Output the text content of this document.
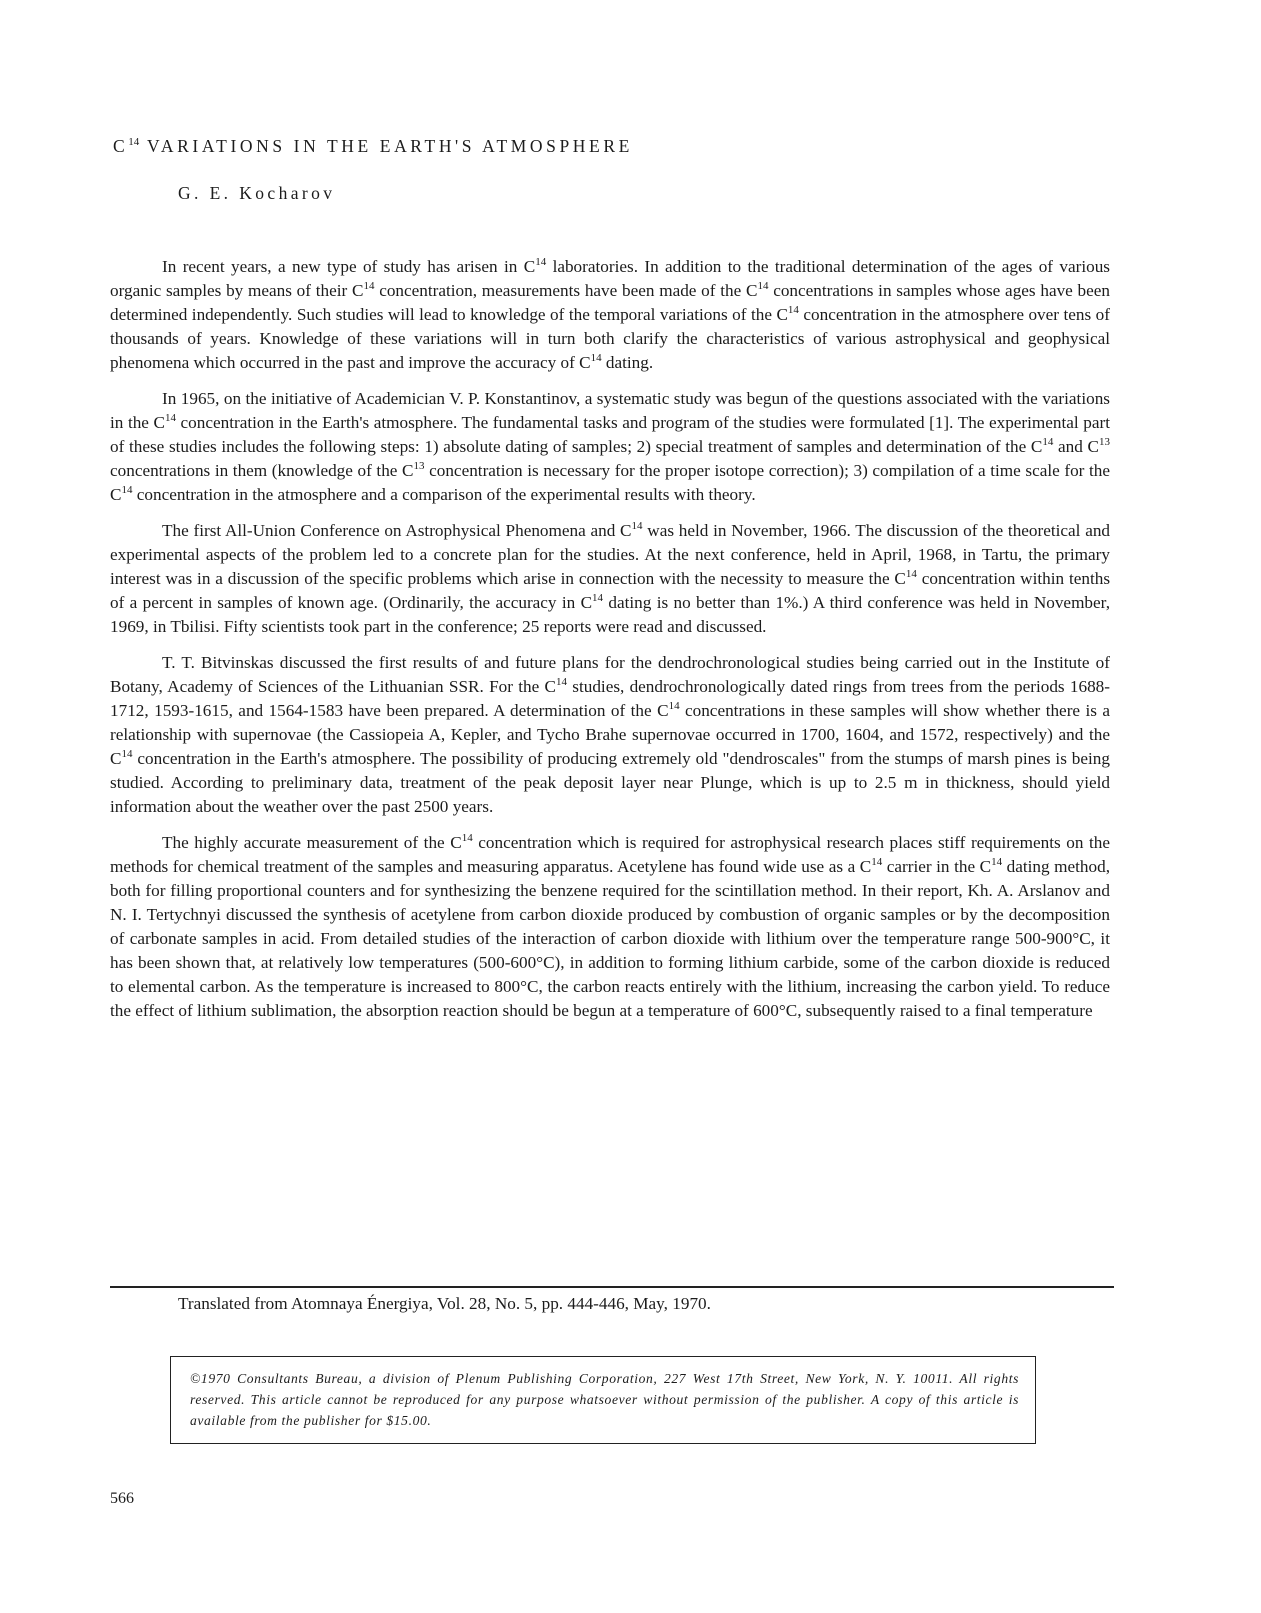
$C^{14}$ VARIATIONS IN THE EARTH'S ATMOSPHERE
G. E. Kocharov

In recent years, a new type of study has arisen in $C^{14}$ laboratories. In addition to the traditional determination of the ages of various organic samples by means of their $C^{14}$ concentration, measurements have been made of the $C^{14}$ concentrations in samples whose ages have been determined independently. Such studies will lead to knowledge of the temporal variations of the $C^{14}$ concentration in the atmosphere over tens of thousands of years. Knowledge of these variations will in turn both clarify the characteristics of various astrophysical and geophysical phenomena which occurred in the past and improve the accuracy of $C^{14}$ dating.

In 1965, on the initiative of Academician V. P. Konstantinov, a systematic study was begun of the questions associated with the variations in the $C^{14}$ concentration in the Earth's atmosphere. The fundamental tasks and program of the studies were formulated [1]. The experimental part of these studies includes the following steps: 1) absolute dating of samples; 2) special treatment of samples and determination of the $C^{14}$ and $C^{13}$ concentrations in them (knowledge of the $C^{13}$ concentration is necessary for the proper isotope correction); 3) compilation of a time scale for the $C^{14}$ concentration in the atmosphere and a comparison of the experimental results with theory.

The first All-Union Conference on Astrophysical Phenomena and $C^{14}$ was held in November, 1966. The discussion of the theoretical and experimental aspects of the problem led to a concrete plan for the studies. At the next conference, held in April, 1968, in Tartu, the primary interest was in a discussion of the specific problems which arise in connection with the necessity to measure the $C^{14}$ concentration within tenths of a percent in samples of known age. (Ordinarily, the accuracy in $C^{14}$ dating is no better than 1%.) A third conference was held in November, 1969, in Tbilisi. Fifty scientists took part in the conference; 25 reports were read and discussed.

T. T. Bitvinskas discussed the first results of and future plans for the dendrochronological studies being carried out in the Institute of Botany, Academy of Sciences of the Lithuanian SSR. For the $C^{14}$ studies, dendrochronologically dated rings from trees from the periods 1688-1712, 1593-1615, and 1564-1583 have been prepared. A determination of the $C^{14}$ concentrations in these samples will show whether there is a relationship with supernovae (the Cassiopeia A, Kepler, and Tycho Brahe supernovae occurred in 1700, 1604, and 1572, respectively) and the $C^{14}$ concentration in the Earth's atmosphere. The possibility of producing extremely old "dendroscales" from the stumps of marsh pines is being studied. According to preliminary data, treatment of the peak deposit layer near Plunge, which is up to 2.5 m in thickness, should yield information about the weather over the past 2500 years.

The highly accurate measurement of the $C^{14}$ concentration which is required for astrophysical research places stiff requirements on the methods for chemical treatment of the samples and measuring apparatus. Acetylene has found wide use as a $C^{14}$ carrier in the $C^{14}$ dating method, both for filling proportional counters and for synthesizing the benzene required for the scintillation method. In their report, Kh. A. Arslanov and N. I. Tertychnyi discussed the synthesis of acetylene from carbon dioxide produced by combustion of organic samples or by the decomposition of carbonate samples in acid. From detailed studies of the interaction of carbon dioxide with lithium over the temperature range 500-900°C, it has been shown that, at relatively low temperatures (500-600°C), in addition to forming lithium carbide, some of the carbon dioxide is reduced to elemental carbon. As the temperature is increased to 800°C, the carbon reacts entirely with the lithium, increasing the carbon yield. To reduce the effect of lithium sublimation, the absorption reaction should be begun at a temperature of 600°C, subsequently raised to a final temperature

Translated from Atomnaya Énergiya, Vol. 28, No. 5, pp. 444-446, May, 1970.
©1970 Consultants Bureau, a division of Plenum Publishing Corporation, 227 West 17th Street, New York, N. Y. 10011. All rights reserved. This article cannot be reproduced for any purpose whatsoever without permission of the publisher. A copy of this article is available from the publisher for $15.00.
566
